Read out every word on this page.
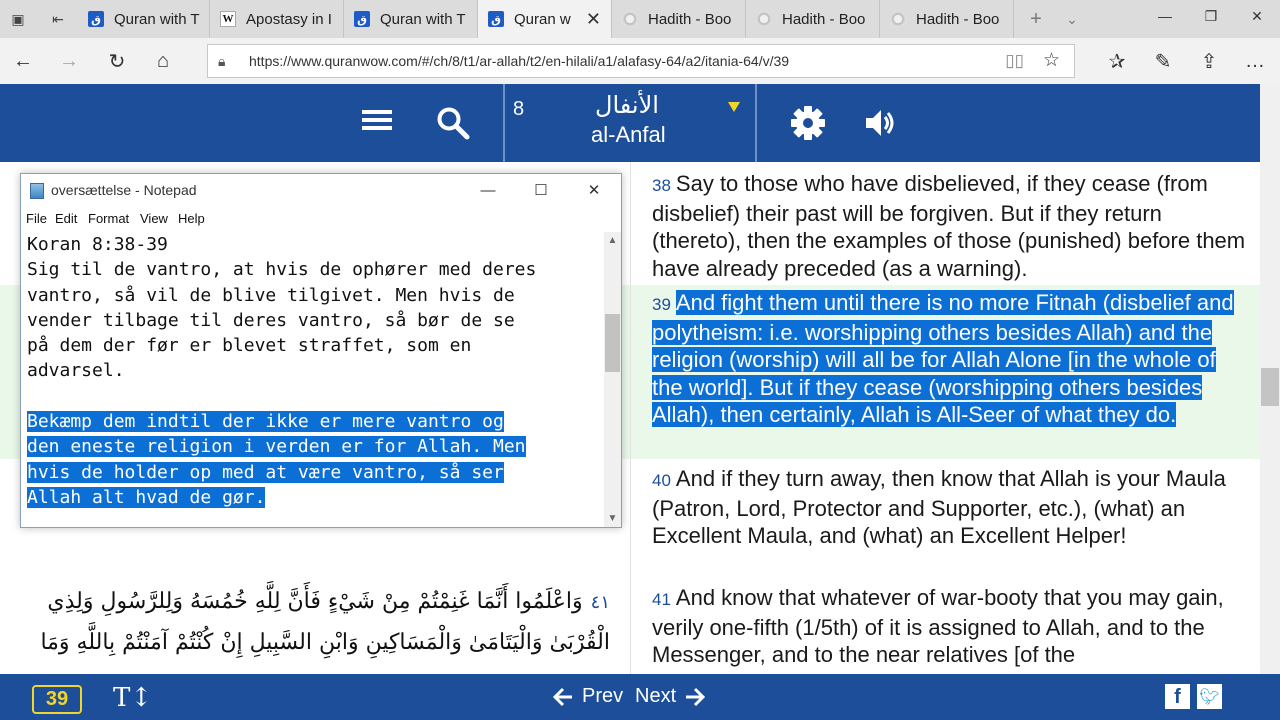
▣	⇤	ق Quran with T W Apostasy in I ق Quran with T ق Quran w ✕	Hadith - Boo	Hadith - Boo	Hadith - Boo	+	⌄	—	❐	✕
← →	↻	⌂	🔒︎ https://www.quranwow.com/#/ch/8/t1/ar-allah/t2/en-hilali/a1/alafasy-64/a2/itania-64/v/39	▯▯ ☆	✰	✎	⇪	…
8	الأنفال
al-Anfal
38 Say to those who have disbelieved, if they cease (from disbelief) their past will be forgiven. But if they return (thereto), then the examples of those (punished) before them have already preceded (as a warning).
39 And fight them until there is no more Fitnah (disbelief and polytheism: i.e. worshipping others besides Allah) and the religion (worship) will all be for Allah Alone [in the whole of the world]. But if they cease (worshipping others besides Allah), then certainly, Allah is All-Seer of what they do.
40 And if they turn away, then know that Allah is your Maula (Patron, Lord, Protector and Supporter, etc.), (what) an Excellent Maula, and (what) an Excellent Helper!
41 And know that whatever of war-booty that you may gain, verily one-fifth (1/5th) of it is assigned to Allah, and to the Messenger, and to the near relatives [of the
٤١وَاعْلَمُوا أَنَّمَا غَنِمْتُمْ مِنْ شَيْءٍ فَأَنَّ لِلَّهِ خُمُسَهُ وَلِلرَّسُولِ وَلِذِي
الْقُرْبَىٰ وَالْيَتَامَىٰ وَالْمَسَاكِينِ وَابْنِ السَّبِيلِ إِنْ كُنْتُمْ آمَنْتُمْ بِاللَّهِ وَمَا
oversættelse - Notepad	—	☐	✕
File Edit Format View Help
Koran 8:38-39
Sig til de vantro, at hvis de ophører med deres
vantro, så vil de blive tilgivet. Men hvis de
vender tilbage til deres vantro, så bør de se
på dem der før er blevet straffet, som en
advarsel.

Bekæmp dem indtil der ikke er mere vantro og
den eneste religion i verden er for Allah. Men
hvis de holder op med at være vantro, så ser
Allah alt hvad de gør.
▲
▼
39	T↕	Prev Next	f	🐦︎
